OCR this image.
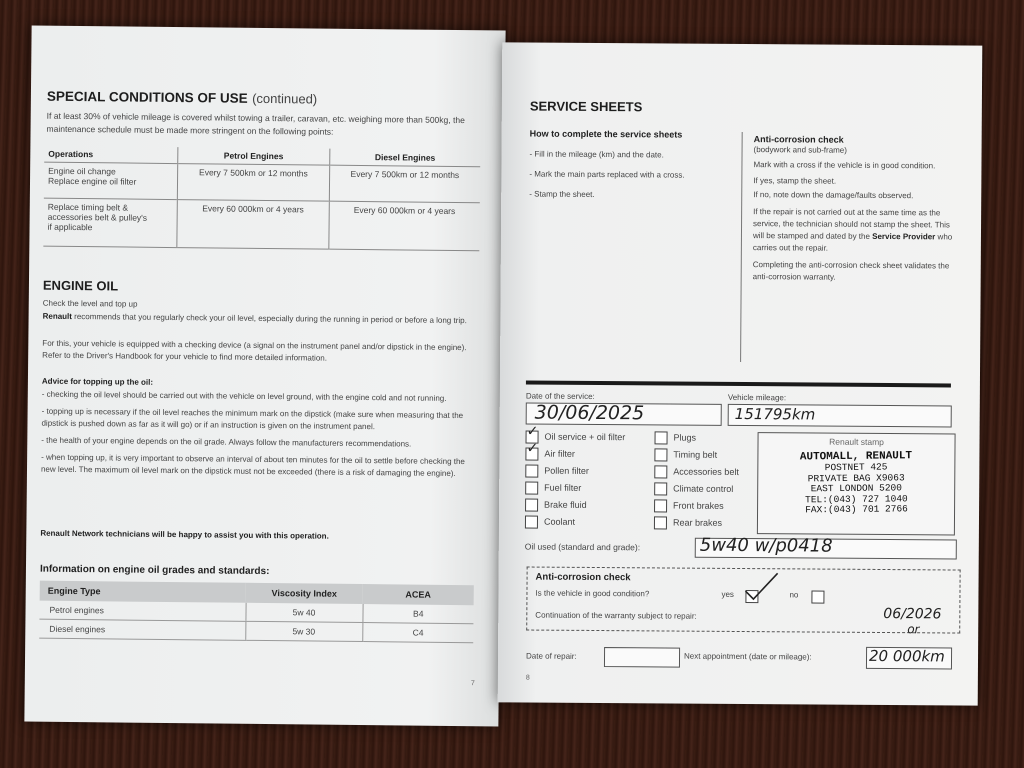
SPECIAL CONDITIONS OF USE (continued)
If at least 30% of vehicle mileage is covered whilst towing a trailer, caravan, etc. weighing more than 500kg, the maintenance schedule must be made more stringent on the following points:
Operations	Petrol Engines	Diesel Engines
Engine oil change
Replace engine oil filter	Every 7 500km or 12 months	Every 7 500km or 12 months
Replace timing belt &
accessories belt & pulley's
if applicable	Every 60 000km or 4 years	Every 60 000km or 4 years
ENGINE OIL
Check the level and top up
Renault recommends that you regularly check your oil level, especially during the running in period or before a long trip.
For this, your vehicle is equipped with a checking device (a signal on the instrument panel and/or dipstick in the engine). Refer to the Driver's Handbook for your vehicle to find more detailed information.
Advice for topping up the oil:
- checking the oil level should be carried out with the vehicle on level ground, with the engine cold and not running.
- topping up is necessary if the oil level reaches the minimum mark on the dipstick (make sure when measuring that the dipstick is pushed down as far as it will go) or if an instruction is given on the instrument panel.
- the health of your engine depends on the oil grade. Always follow the manufacturers recommendations.
- when topping up, it is very important to observe an interval of about ten minutes for the oil to settle before checking the new level. The maximum oil level mark on the dipstick must not be exceeded (there is a risk of damaging the engine).
Renault Network technicians will be happy to assist you with this operation.
Information on engine oil grades and standards:
Engine Type	Viscosity Index	ACEA
Petrol engines	5w 40	B4
Diesel engines	5w 30	C4
7
SERVICE SHEETS
How to complete the service sheets
- Fill in the mileage (km) and the date.
- Mark the main parts replaced with a cross.
- Stamp the sheet.
Anti-corrosion check
(bodywork and sub-frame)
Mark with a cross if the vehicle is in good condition.
If yes, stamp the sheet.
If no, note down the damage/faults observed.
If the repair is not carried out at the same time as the service, the technician should not stamp the sheet. This will be stamped and dated by the Service Provider who carries out the repair.
Completing the anti-corrosion check sheet validates the anti-corrosion warranty.
Date of the service:
30/06/2025
Vehicle mileage:
151795km
✓ Oil service + oil filter
✓ Air filter
Pollen filter
Fuel filter
Brake fluid
Coolant
Plugs
Timing belt
Accessories belt
Climate control
Front brakes
Rear brakes
Renault stamp
AUTOMALL, RENAULT
POSTNET 425
PRIVATE BAG X9063
EAST LONDON 5200
TEL:(043) 727 1040
FAX:(043) 701 2766
Oil used (standard and grade):	5w40 w/p0418
Anti-corrosion check
Is the vehicle in good condition?	yes	no
Continuation of the warranty subject to repair:	06/2026
or
Date of repair:	Next appointment (date or mileage):	20 000km
8
